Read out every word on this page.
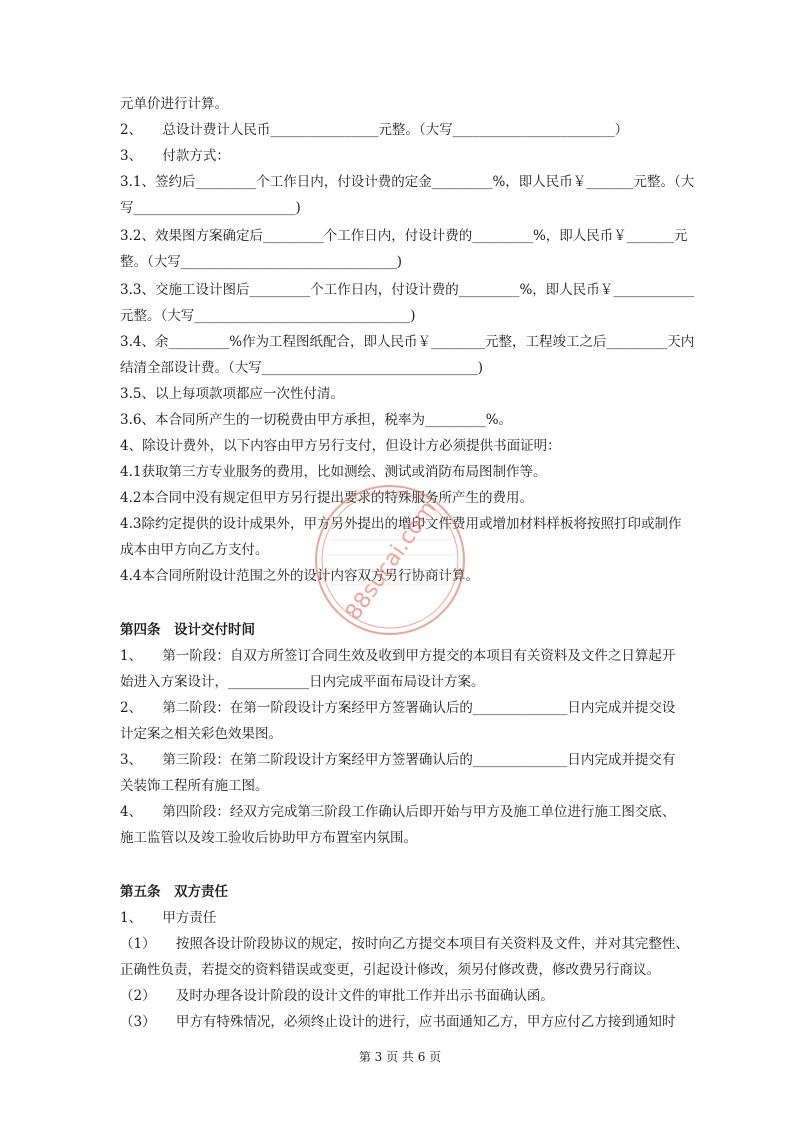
元单价进行计算。
2、　　总设计费计人民币________________元整。（大写________________________）
3、　　付款方式：
3.1、签约后_________个工作日内，付设计费的定金_________%，即人民币￥_______元整。（大
写________________________)
3.2、效果图方案确定后_________个工作日内，付设计费的_________%，即人民币￥_______元
整。（大写________________________________)
3.3、交施工设计图后_________个工作日内，付设计费的_________%，即人民币￥____________
元整。（大写________________________________)
3.4、余_________%作为工程图纸配合，即人民币￥________元整，工程竣工之后_________天内
结清全部设计费。（大写________________________________)
3.5、以上每项款项都应一次性付清。
3.6、本合同所产生的一切税费由甲方承担，税率为_________%。
4、除设计费外，以下内容由甲方另行支付，但设计方必须提供书面证明：
4.1获取第三方专业服务的费用，比如测绘、测试或消防布局图制作等。
4.2本合同中没有规定但甲方另行提出要求的特殊服务所产生的费用。
4.3除约定提供的设计成果外，甲方另外提出的增印文件费用或增加材料样板将按照打印或制作
成本由甲方向乙方支付。
4.4本合同所附设计范围之外的设计内容双方另行协商计算。
第四条　设计交付时间
1、　　第一阶段：自双方所签订合同生效及收到甲方提交的本项目有关资料及文件之日算起开
始进入方案设计，____________日内完成平面布局设计方案。
2、　　第二阶段：在第一阶段设计方案经甲方签署确认后的______________日内完成并提交设
计定案之相关彩色效果图。
3、　　第三阶段：在第二阶段设计方案经甲方签署确认后的______________日内完成并提交有
关装饰工程所有施工图。
4、　　第四阶段：经双方完成第三阶段工作确认后即开始与甲方及施工单位进行施工图交底、
施工监管以及竣工验收后协助甲方布置室内氛围。
第五条　双方责任
1、　　甲方责任
（1）　　按照各设计阶段协议的规定，按时向乙方提交本项目有关资料及文件，并对其完整性、
正确性负责，若提交的资料错误或变更，引起设计修改，须另付修改费，修改费另行商议。
（2）　　及时办理各设计阶段的设计文件的审批工作并出示书面确认函。
（3）　　甲方有特殊情况，必须终止设计的进行，应书面通知乙方，甲方应付乙方接到通知时
88sucai.com
第 3 页 共 6 页
